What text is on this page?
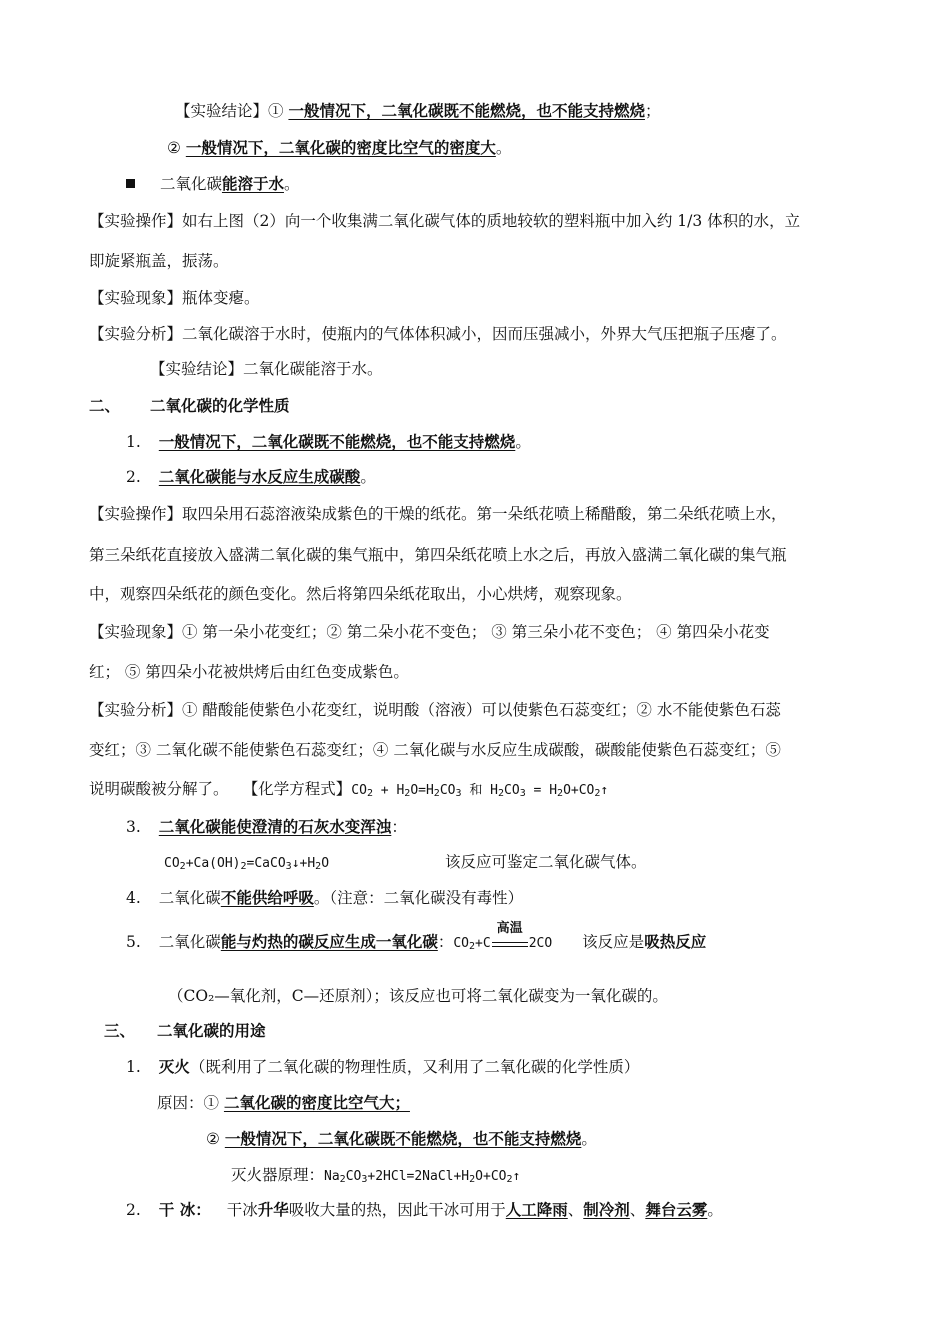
【实验结论】① 一般情况下，二氧化碳既不能燃烧，也不能支持燃烧；
② 一般情况下，二氧化碳的密度比空气的密度大。
二氧化碳能溶于水。
【实验操作】如右上图（2）向一个收集满二氧化碳气体的质地较软的塑料瓶中加入约 1/3 体积的水，立
即旋紧瓶盖，振荡。
【实验现象】瓶体变瘪。
【实验分析】二氧化碳溶于水时，使瓶内的气体体积减小，因而压强减小，外界大气压把瓶子压瘪了。
【实验结论】二氧化碳能溶于水。
二、 二氧化碳的化学性质
1. 一般情况下，二氧化碳既不能燃烧，也不能支持燃烧。
2. 二氧化碳能与水反应生成碳酸。
【实验操作】取四朵用石蕊溶液染成紫色的干燥的纸花。第一朵纸花喷上稀醋酸，第二朵纸花喷上水，
第三朵纸花直接放入盛满二氧化碳的集气瓶中，第四朵纸花喷上水之后，再放入盛满二氧化碳的集气瓶
中，观察四朵纸花的颜色变化。然后将第四朵纸花取出，小心烘烤，观察现象。
【实验现象】① 第一朵小花变红；② 第二朵小花不变色； ③ 第三朵小花不变色； ④ 第四朵小花变
红； ⑤ 第四朵小花被烘烤后由红色变成紫色。
【实验分析】① 醋酸能使紫色小花变红，说明酸（溶液）可以使紫色石蕊变红；② 水不能使紫色石蕊
变红；③ 二氧化碳不能使紫色石蕊变红；④ 二氧化碳与水反应生成碳酸，碳酸能使紫色石蕊变红；⑤
说明碳酸被分解了。 【化学方程式】$CO_2 + H_2O=H_2CO_3$ 和 $H_2CO_3$ = $H_2O+CO_2↑$
3. 二氧化碳能使澄清的石灰水变浑浊：
$CO_2+Ca(OH)_2=CaCO_3↓+H_2O$	该反应可鉴定二氧化碳气体。
4. 二氧化碳不能供给呼吸。（注意：二氧化碳没有毒性）
5. 二氧化碳能与灼热的碳反应生成一氧化碳：$CO_2+C$
高温
2CO 该反应是吸热反应
（CO₂—氧化剂，C—还原剂）；该反应也可将二氧化碳变为一氧化碳的。
三、 二氧化碳的用途
1. 灭火（既利用了二氧化碳的物理性质，又利用了二氧化碳的化学性质）
原因：① 二氧化碳的密度比空气大；
② 一般情况下，二氧化碳既不能燃烧，也不能支持燃烧。
灭火器原理：$Na_2CO_3+2HCl=2NaCl+H_2O+CO_2↑$
2. 干 冰： 干冰升华吸收大量的热，因此干冰可用于人工降雨、制冷剂、舞台云雾。
